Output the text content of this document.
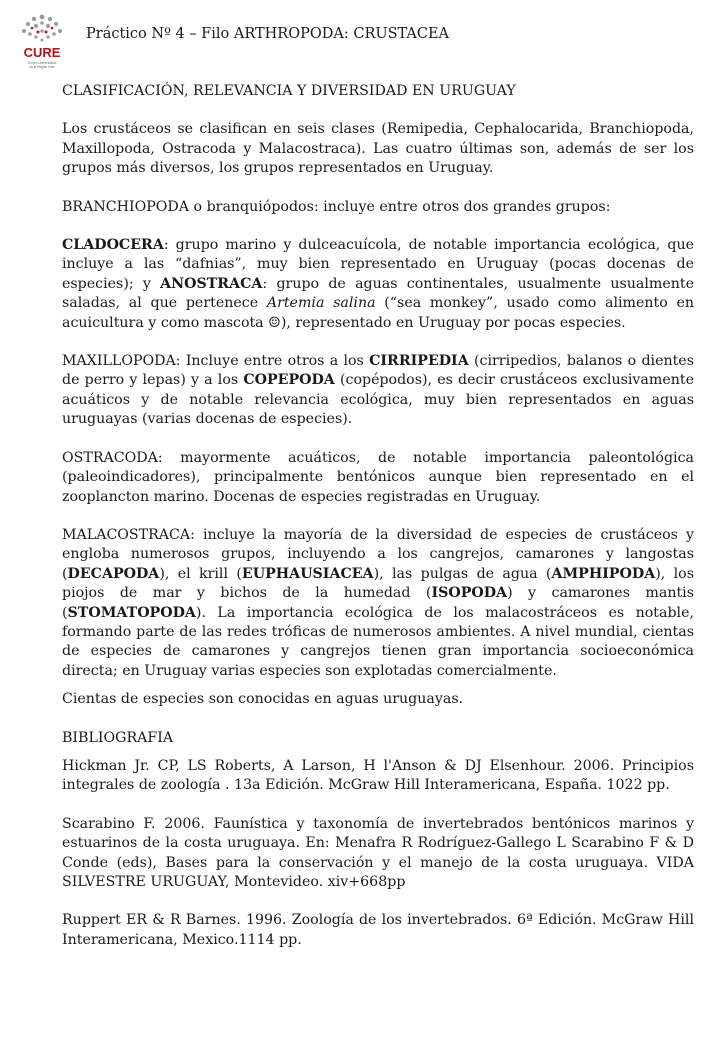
CURE
Centro Universitario
de la Región Este
Práctico Nº 4 – Filo ARTHROPODA: CRUSTACEA

CLASIFICACIÓN, RELEVANCIA Y DIVERSIDAD EN URUGUAY

Los crustáceos se clasifican en seis clases (Remipedia, Cephalocarida, Branchiopoda, Maxillopoda, Ostracoda y Malacostraca). Las cuatro últimas son, además de ser los grupos más diversos, los grupos representados en Uruguay.

BRANCHIOPODA o branquiópodos: incluye entre otros dos grandes grupos:

CLADOCERA: grupo marino y dulceacuícola, de notable importancia ecológica, que incluye a las “dafnias”, muy bien representado en Uruguay (pocas docenas de especies); y ANOSTRACA: grupo de aguas continentales, usualmente usualmente saladas, al que pertenece Artemia salina (“sea monkey”, usado como alimento en acuicultura y como mascota ☺), representado en Uruguay por pocas especies.

MAXILLOPODA: Incluye entre otros a los CIRRIPEDIA (cirripedios, balanos o dientes de perro y lepas) y a los COPEPODA (copépodos), es decir crustáceos exclusivamente acuáticos y de notable relevancia ecológica, muy bien representados en aguas uruguayas (varias docenas de especies).

OSTRACODA: mayormente acuáticos, de notable importancia paleontológica (paleoindicadores), principalmente bentónicos aunque bien representado en el zooplancton marino. Docenas de especies registradas en Uruguay.

MALACOSTRACA: incluye la mayoría de la diversidad de especies de crustáceos y engloba numerosos grupos, incluyendo a los cangrejos, camarones y langostas (DECAPODA), el krill (EUPHAUSIACEA), las pulgas de agua (AMPHIPODA), los piojos de mar y bichos de la humedad (ISOPODA) y camarones mantis (STOMATOPODA). La importancia ecológica de los malacostráceos es notable, formando parte de las redes tróficas de numerosos ambientes. A nivel mundial, cientas de especies de camarones y cangrejos tienen gran importancia socioeconómica directa; en Uruguay varias especies son explotadas comercialmente.

Cientas de especies son conocidas en aguas uruguayas.

BIBLIOGRAFIA

Hickman Jr. CP, LS Roberts, A Larson, H l'Anson & DJ Elsenhour. 2006. Principios integrales de zoología . 13a Edición. McGraw Hill Interamericana, España. 1022 pp.

Scarabino F. 2006. Faunística y taxonomía de invertebrados bentónicos marinos y estuarinos de la costa uruguaya. En: Menafra R Rodríguez-Gallego L Scarabino F & D Conde (eds), Bases para la conservación y el manejo de la costa uruguaya. VIDA SILVESTRE URUGUAY, Montevideo. xiv+668pp

Ruppert ER & R Barnes. 1996. Zoología de los invertebrados. 6ª Edición. McGraw Hill Interamericana, Mexico.1114 pp.
